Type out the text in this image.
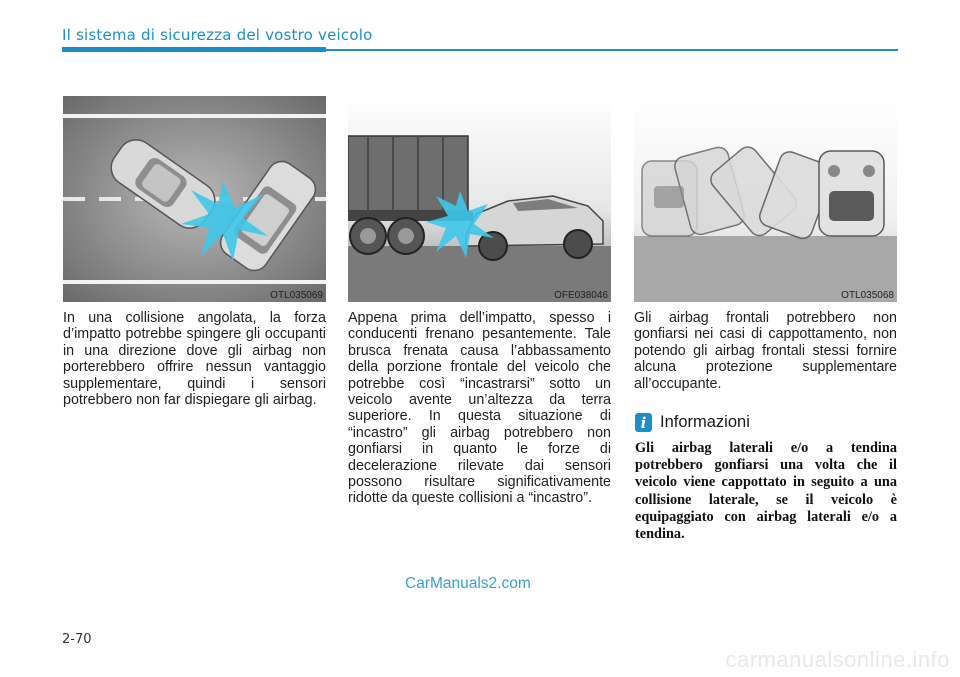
Il sistema di sicurezza del vostro veicolo
OTL035069	OFE038046	OTL035068
In una collisione angolata, la forza d’impatto potrebbe spingere gli occupanti in una direzione dove gli airbag non porterebbero offrire nessun vantaggio supplementare, quindi i sensori potrebbero non far dispiegare gli airbag.
Appena prima dell’impatto, spesso i conducenti frenano pesantemente. Tale brusca frenata causa l’abbassamento della porzione frontale del veicolo che potrebbe così “incastrarsi” sotto un veicolo avente un’altezza da terra superiore. In questa situazione di “incastro” gli airbag potrebbero non gonfiarsi in quanto le forze di decelerazione rilevate dai sensori possono risultare significativamente ridotte da queste collisioni a “incastro”.
Gli airbag frontali potrebbero non gonfiarsi nei casi di cappottamento, non potendo gli airbag frontali stessi fornire alcuna protezione supplementare all’occupante.
i Informazioni
Gli airbag laterali e/o a tendina potrebbero gonfiarsi una volta che il veicolo viene cappottato in seguito a una collisione laterale, se il veicolo è equipaggiato con airbag laterali e/o a tendina.
CarManuals2.com
2-70
carmanualsonline.info
